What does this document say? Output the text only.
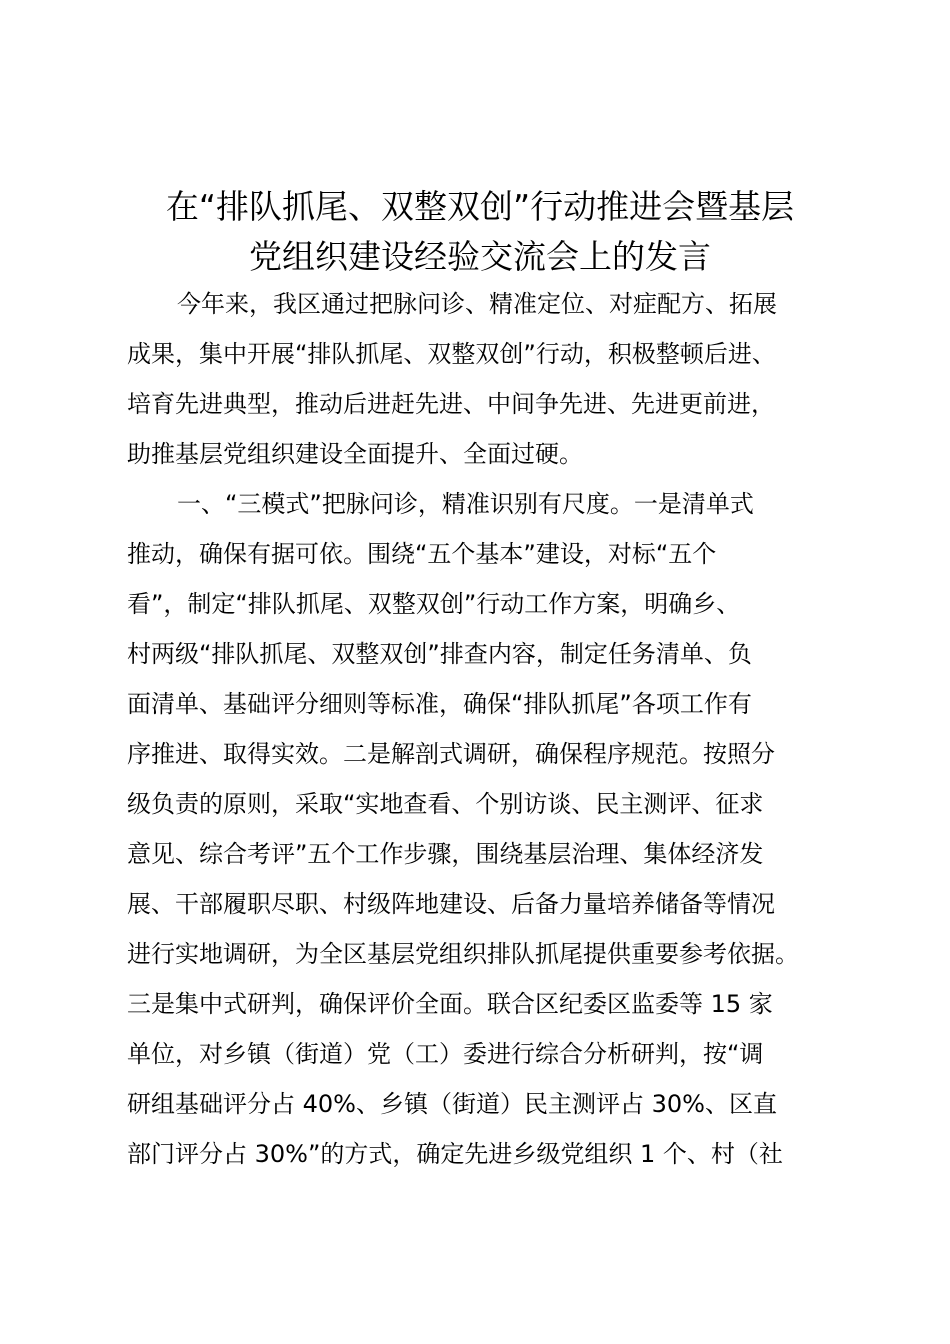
在“排队抓尾、双整双创”行动推进会暨基层
党组织建设经验交流会上的发言

今年来，我区通过把脉问诊、精准定位、对症配方、拓展

成果，集中开展“排队抓尾、双整双创”行动，积极整顿后进、

培育先进典型，推动后进赶先进、中间争先进、先进更前进，

助推基层党组织建设全面提升、全面过硬。

一、“三模式”把脉问诊，精准识别有尺度。一是清单式

推动，确保有据可依。围绕“五个基本”建设，对标“五个

看”，制定“排队抓尾、双整双创”行动工作方案，明确乡、

村两级“排队抓尾、双整双创”排查内容，制定任务清单、负

面清单、基础评分细则等标准，确保“排队抓尾”各项工作有

序推进、取得实效。二是解剖式调研，确保程序规范。按照分

级负责的原则，采取“实地查看、个别访谈、民主测评、征求

意见、综合考评”五个工作步骤，围绕基层治理、集体经济发

展、干部履职尽职、村级阵地建设、后备力量培养储备等情况

进行实地调研，为全区基层党组织排队抓尾提供重要参考依据。

三是集中式研判，确保评价全面。联合区纪委区监委等 15 家

单位，对乡镇（街道）党（工）委进行综合分析研判，按“调

研组基础评分占 40%、乡镇（街道）民主测评占 30%、区直

部门评分占 30%”的方式，确定先进乡级党组织 1 个、村（社
